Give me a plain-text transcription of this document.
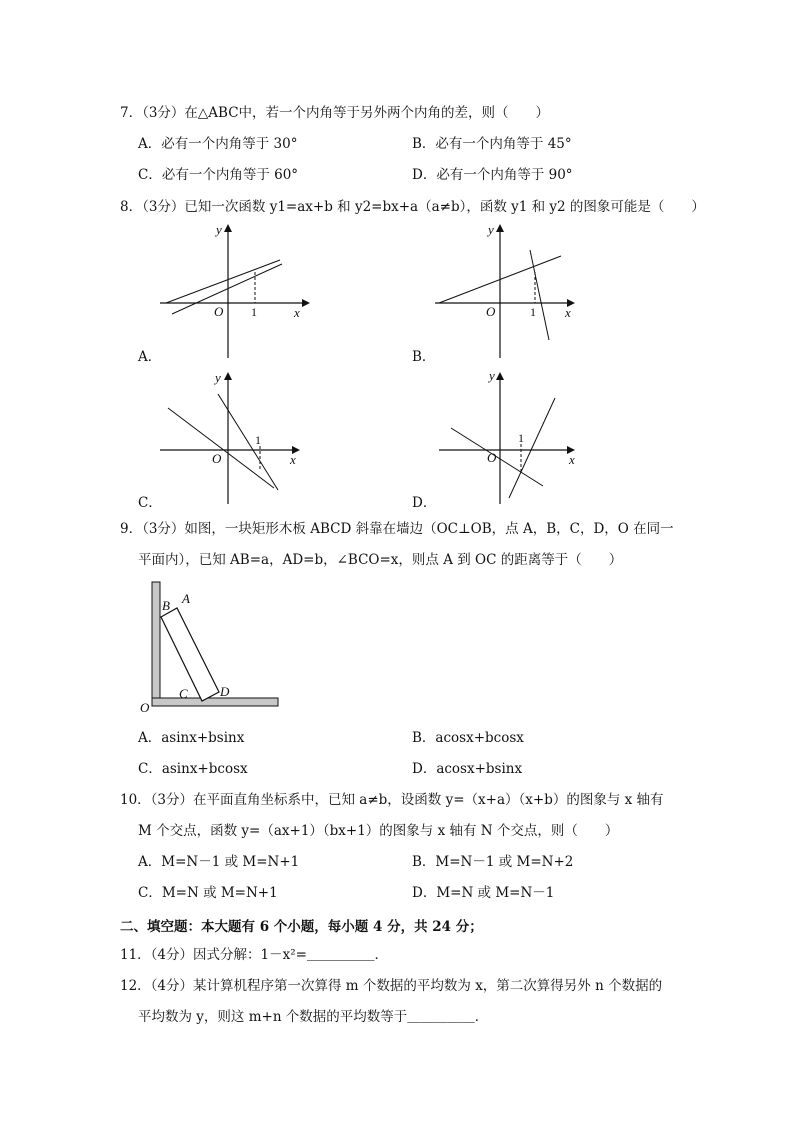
7．（3分）在△ABC中，若一个内角等于另外两个内角的差，则（　　）
A．必有一个内角等于 30°	B．必有一个内角等于 45°
C．必有一个内角等于 60°	D．必有一个内角等于 90°
8．（3分）已知一次函数 y1=ax+b 和 y2=bx+a（a≠b），函数 y1 和 y2 的图象可能是（　　）
y
x
O 1
A．
y
x
O	1
B．
y
x
O
1
C．
y
x
O
1
D．
9．（3分）如图，一块矩形木板 ABCD 斜靠在墙边（OC⊥OB，点 A，B，C，D，O 在同一
平面内），已知 AB=a，AD=b，∠BCO=x，则点 A 到 OC 的距离等于（　　）
B A
C D
O
A．asinx+bsinx	B．acosx+bcosx
C．asinx+bcosx	D．acosx+bsinx
10．（3分）在平面直角坐标系中，已知 a≠b，设函数 y=（x+a）（x+b）的图象与 x 轴有
M 个交点，函数 y=（ax+1）（bx+1）的图象与 x 轴有 N 个交点，则（　　）
A．M=N－1 或 M=N+1	B．M=N－1 或 M=N+2
C．M=N 或 M=N+1	D．M=N 或 M=N－1
二、填空题：本大题有 6 个小题，每小题 4 分，共 24 分；
11．（4分）因式分解：1－x²=＿＿＿＿＿．
12．（4分）某计算机程序第一次算得 m 个数据的平均数为 x，第二次算得另外 n 个数据的
平均数为 y，则这 m+n 个数据的平均数等于＿＿＿＿＿．
